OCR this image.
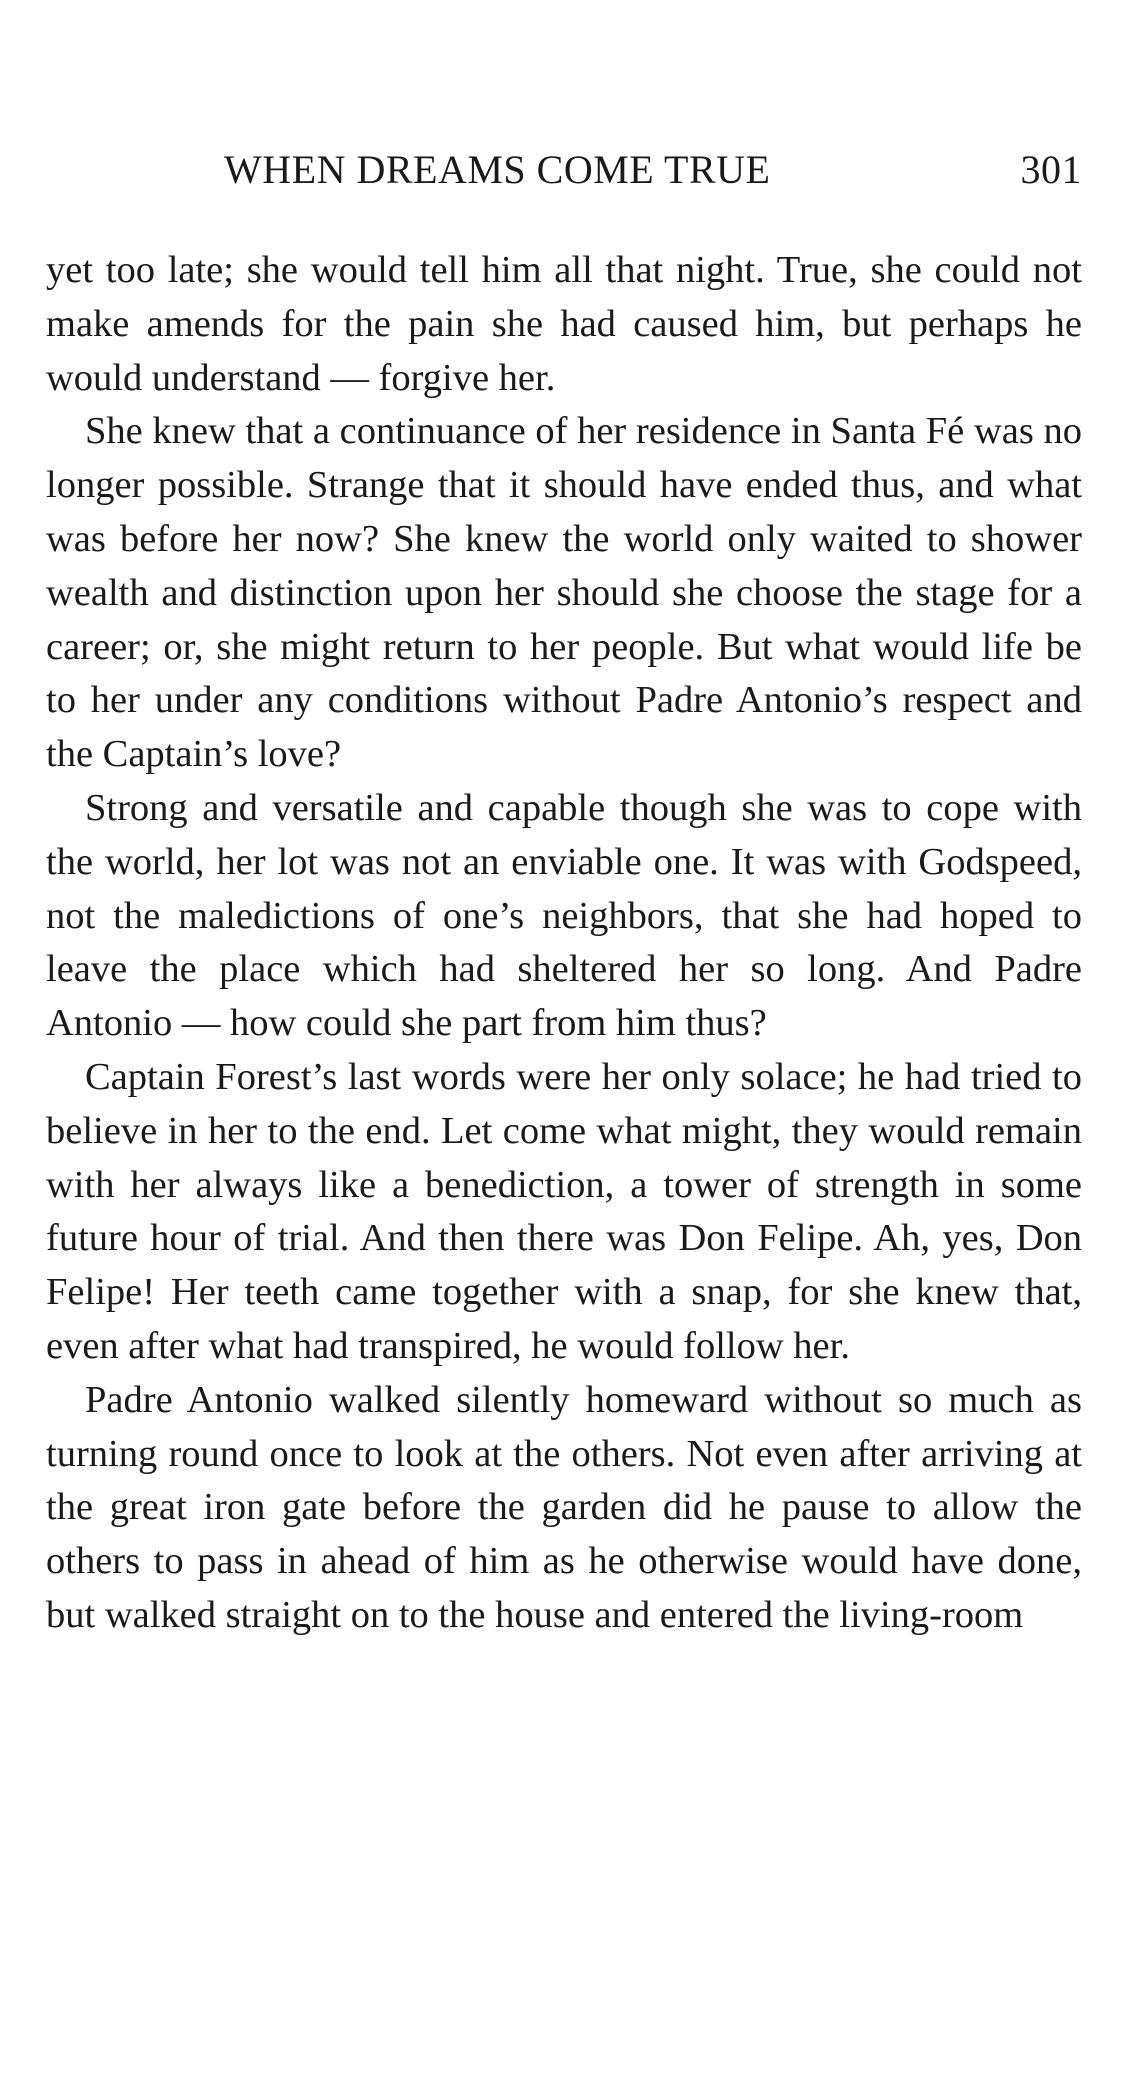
WHEN DREAMS COME TRUE	301

yet too late; she would tell him all that night. True, she could not make amends for the pain she had caused him, but perhaps he would understand — forgive her.

She knew that a continuance of her residence in Santa Fé was no longer possible. Strange that it should have ended thus, and what was before her now? She knew the world only waited to shower wealth and distinction upon her should she choose the stage for a career; or, she might return to her people. But what would life be to her under any conditions without Padre Antonio’s respect and the Captain’s love?

Strong and versatile and capable though she was to cope with the world, her lot was not an enviable one. It was with Godspeed, not the maledictions of one’s neighbors, that she had hoped to leave the place which had sheltered her so long. And Padre Antonio — how could she part from him thus?

Captain Forest’s last words were her only solace; he had tried to believe in her to the end. Let come what might, they would remain with her always like a benediction, a tower of strength in some future hour of trial. And then there was Don Felipe. Ah, yes, Don Felipe! Her teeth came together with a snap, for she knew that, even after what had transpired, he would follow her.

Padre Antonio walked silently homeward without so much as turning round once to look at the others. Not even after arriving at the great iron gate before the garden did he pause to allow the others to pass in ahead of him as he otherwise would have done, but walked straight on to the house and entered the living-room
